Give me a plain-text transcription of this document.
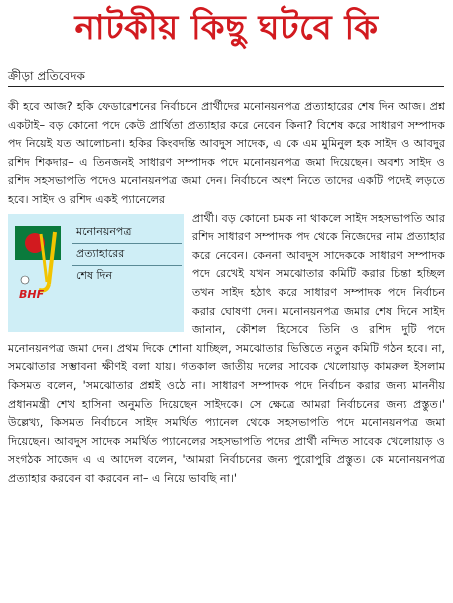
নাটকীয় কিছু ঘটবে কি
ক্রীড়া প্রতিবেদক

কী হবে আজ? হকি ফেডারেশনের নির্বাচনে প্রার্থীদের মনোনয়নপত্র প্রত্যাহারের শেষ দিন আজ। প্রশ্ন একটাই– বড় কোনো পদে কেউ প্রার্থিতা প্রত্যাহার করে নেবেন কিনা? বিশেষ করে সাধারণ সম্পাদক পদ নিয়েই যত আলোচনা। হকির কিংবদন্তি আবদুস সাদেক, এ কে এম মুমিনুল হক সাইদ ও আবদুর রশিদ শিকদার– এ তিনজনই সাধারণ সম্পাদক পদে মনোনয়নপত্র জমা দিয়েছেন। অবশ্য সাইদ ও রশিদ সহসভাপতি পদেও মনোনয়নপত্র জমা দেন। নির্বাচনে অংশ নিতে তাদের একটি পদেই লড়তে হবে। সাইদ ও রশিদ একই প্যানেলের

BHF
মনোনয়নপত্র
প্রত্যাহারের
শেষ দিন

প্রার্থী। বড় কোনো চমক না থাকলে সাইদ সহসভাপতি আর রশিদ সাধারণ সম্পাদক পদ থেকে নিজেদের নাম প্রত্যাহার করে নেবেন। কেননা আবদুস সাদেককে সাধারণ সম্পাদক পদে রেখেই যখন সমঝোতার কমিটি করার চিন্তা হচ্ছিল তখন সাইদ হঠাৎ করে সাধারণ সম্পাদক পদে নির্বাচন করার ঘোষণা দেন। মনোনয়নপত্র জমার শেষ দিনে সাইদ জানান, কৌশল হিসেবে তিনি ও রশিদ দুটি পদে মনোনয়নপত্র জমা দেন। প্রথম দিকে শোনা যাচ্ছিল, সমঝোতার ভিত্তিতে নতুন কমিটি গঠন হবে। না, সমঝোতার সম্ভাবনা ক্ষীণই বলা যায়। গতকাল জাতীয় দলের সাবেক খেলোয়াড় কামরুল ইসলাম কিসমত বলেন, 'সমঝোতার প্রশ্নই ওঠে না। সাধারণ সম্পাদক পদে নির্বাচন করার জন্য মাননীয় প্রধানমন্ত্রী শেখ হাসিনা অনুমতি দিয়েছেন সাইদকে। সে ক্ষেত্রে আমরা নির্বাচনের জন্য প্রস্তুত।' উল্লেখ্য, কিসমত নির্বাচনে সাইদ সমর্থিত প্যানেল থেকে সহসভাপতি পদে মনোনয়নপত্র জমা দিয়েছেন। আবদুস সাদেক সমর্থিত প্যানেলের সহসভাপতি পদের প্রার্থী নন্দিত সাবেক খেলোয়াড় ও সংগঠক সাজেদ এ এ আদেল বলেন, 'আমরা নির্বাচনের জন্য পুরোপুরি প্রস্তুত। কে মনোনয়নপত্র প্রত্যাহার করবেন বা করবেন না– এ নিয়ে ভাবছি না।'
